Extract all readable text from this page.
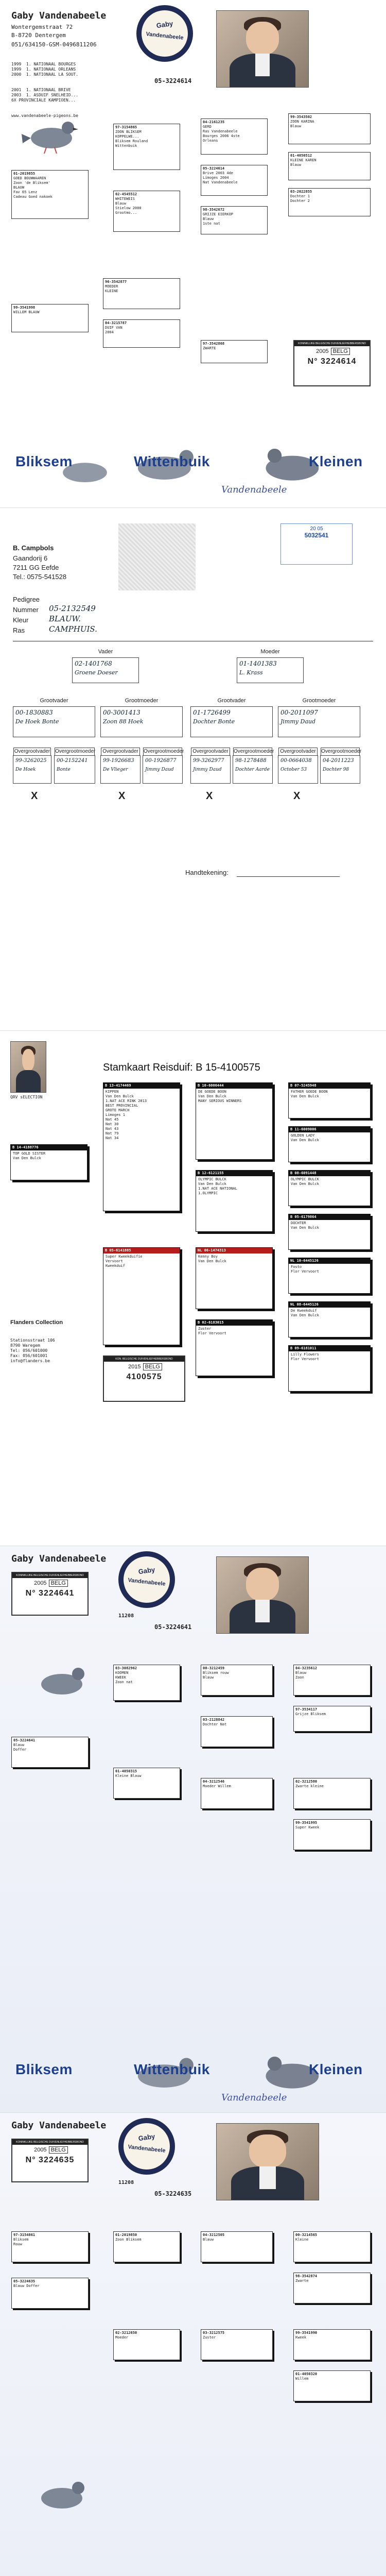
Gaby Vandenabeele
Wontergemstraat 72
B-8720 Dentergem
051/634150-GSM-0496811206

1999  1. NATIONAAL BOURGES
1999  1. NATIONAAL ORLEANS
2000  1. NATIONAAL LA SOUT.

2001  1. NATIONAAL BRIVE
2003  1. ASDUIF SNELHEID...
6X PROVINCIALE KAMPIOEN...

www.vandenabeele-pigeons.be

Gaby
Vandenabeele
05-3224614
01-2019855
GOED BOUWWAAREN
Zoon 'de Bliksem'
BLAUW
Fav 65 Lenz
Cadeau Goed nakoek
97-3154865
ZOON BLIKSEM
KOPPELWE...
Bliksem Rouland
Wittenbuik
02-4545512
WHITEWEIS
Blauw
Stielow 2000
Grootmo...
04-2161235
GERD
Ras Vandenabeele
Bourges 2006 4ste
Orleans
05-3224614
Brive 2003 4de
Limoges 2004
Nat Vandenabeele
98-3542672
GRIJZE EIERKOP
Blauw
1ste nat
99-3543502
ZOON KARINA
Blauw
01-4050512
KLEINE KAREN
Blauw
03-2022855
Dochter 1
Dochter 2
99-3541998
WILLEM BLAUW
96-3542877
MOEDER
KLEINE
04-3215787
DUIF VAN
2004
97-3542868
ZWARTE
KONINKLIJKE BELGISCHE DUIVENLIEFHEBBERSBOND
2005 BELG
N° 3224614
Bliksem	Wittenbuik	Kleinen
Vandenabeele
B. Campbols
Gaandorij 6
7211 GG Eefde
Tel.: 0575-541528
20 05
5032541
Pedigree
Nummer 05-2132549
Kleur	BLAUW.
Ras	CAMPHUIS.
Vader
02-1401768
Groene Doeser
Moeder
01-1401383
L. Krass
Grootvader
00-1830883
De Hoek Bonte
Grootmoeder
00-3001413
Zoon 88 Hoek
Grootvader
01-1726499
Dochter Bonte
Grootmoeder
00-2011097
Jimmy Daud
Overgrootvader
99-3262025
De Hoek
Overgrootmoeder
00-2152241
Bonte
Overgrootvader
99-1926683
De Vlieger
Overgrootmoeder
00-1926877
Jimmy Daud
Overgrootvader
99-3262977
Jimmy Daud
Overgrootmoeder
98-1278488
Dochter Aarde
Overgrootvader
00-0664038
October 53
Overgrootmoeder
04-2011223
Dochter 98
X	X	X	X
Handtekening:
QRV sELECTION
Stamkaart Reisduif: B 15-4100575
B 13-4174469
KIPPEN
Van Den Bulck
1.NAT ACE RINK 2013
BEST PROVINCIAL
GROTE MARCH
Limoges 1
Nat 45
Nat 30
Nat 43
Nat 79
Nat 34
B 10-6006444
DE GOEDE BOON
Van Den Bulck
MANY SERIOUS WINNERS
B 07-5245948
FATHER GOEDE BOON
Van Den Bulck
B 11-6009006
GOLDEN LADY
Van Den Bulck
B 14-4188776
TOP GOLD SISTER
Van Den Bulck
B 12-6121155
OLYMPIC BULCK
Van Den Bulck
1.NAT ACE NATIONAL
1.OLYMPIC
B 08-6091448
OLYMPIC BULCK
Van Den Bulck
B 05-6179864
DOCHTER
Van Den Bulck
B 05-6141885
Super Kweekduifie
Vervoort
Kweekduif
NL 06-1474313
Kenny Boy
Van Den Bulck	NL 10-6445126
Fosto
Flor Vervoort
NL 08-6445126
De Kweekduif
Van Den Bulck
B 02-6183015
Zuster
Flor Vervoort
B 09-6181011
Lilly Flowers
Flor Vervoort
Flanders Collection

Stationsstraat 106
8790 Waregem
Tel: 056/601000
Fax: 056/601001
info@flanders.be

	KON. BELGISCHE DUIVENLIEFHEBBERSBOND
2015 BELG
4100575
Gaby Vandenabeele
KONINKLIJKE BELGISCHE DUIVENLIEFHEBBERSBOND
2005 BELG
N° 3224641
Gaby
Vandenabeele
11208
05-3224641
03-3082962
KOOMEN
KWEEK
Zoon nat
00-3212459
Bliksem rouw
Blauw
04-3235612
Blauw
Zoon
97-3534117
Grijze Bliksem
03-2128842
Dochter Nat
05-3224641
Blauw
Doffer
01-4050315
Kleine Blauw
04-3212546
Moeder Willem
02-3212580
Zwarte kleine
99-3541995
Super Kweek
Bliksem	Wittenbuik	Kleinen
Vandenabeele
Gaby Vandenabeele
KONINKLIJKE BELGISCHE DUIVENLIEFHEBBERSBOND
2005 BELG
N° 3224635
Gaby
Vandenabeele
11208
05-3224635
97-3154861
Bliksem
Rouw
01-2019850
Zoon Bliksem
04-3212505
Blauw
05-3224635
Blauw Doffer
00-3214565
Kleine
98-3542874
Zwarte
02-3212650
Moeder
03-3212575
Zuster
99-3541990
Kweek
01-4050320
Willem
